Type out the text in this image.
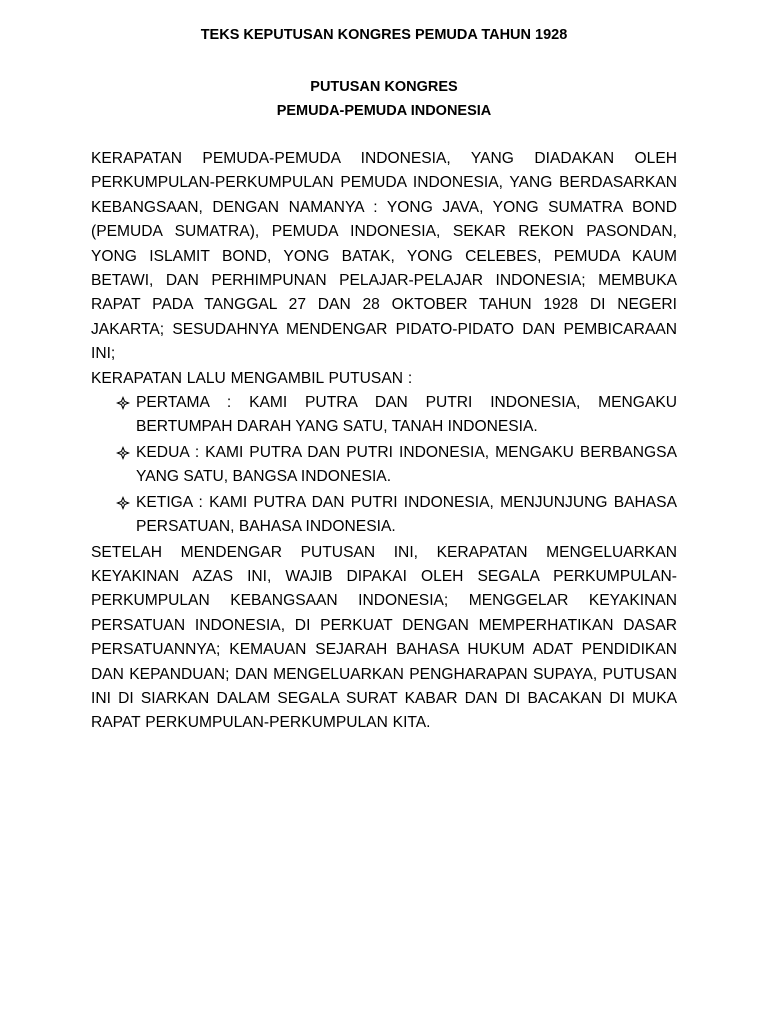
TEKS KEPUTUSAN KONGRES PEMUDA TAHUN 1928
PUTUSAN KONGRES
PEMUDA-PEMUDA INDONESIA

KERAPATAN PEMUDA-PEMUDA INDONESIA, YANG DIADAKAN OLEH PERKUMPULAN-PERKUMPULAN PEMUDA INDONESIA, YANG BERDASARKAN KEBANGSAAN, DENGAN NAMANYA : YONG JAVA, YONG SUMATRA BOND (PEMUDA SUMATRA), PEMUDA INDONESIA, SEKAR REKON PASONDAN, YONG ISLAMIT BOND, YONG BATAK, YONG CELEBES, PEMUDA KAUM BETAWI, DAN PERHIMPUNAN PELAJAR-PELAJAR INDONESIA; MEMBUKA RAPAT PADA TANGGAL 27 DAN 28 OKTOBER TAHUN 1928 DI NEGERI JAKARTA; SESUDAHNYA MENDENGAR PIDATO-PIDATO DAN PEMBICARAAN INI;

KERAPATAN LALU MENGAMBIL PUTUSAN :

PERTAMA : KAMI PUTRA DAN PUTRI INDONESIA, MENGAKU BERTUMPAH DARAH YANG SATU, TANAH INDONESIA.
KEDUA : KAMI PUTRA DAN PUTRI INDONESIA, MENGAKU BERBANGSA YANG SATU, BANGSA INDONESIA.
KETIGA : KAMI PUTRA DAN PUTRI INDONESIA, MENJUNJUNG BAHASA PERSATUAN, BAHASA INDONESIA.

SETELAH MENDENGAR PUTUSAN INI, KERAPATAN MENGELUARKAN KEYAKINAN AZAS INI, WAJIB DIPAKAI OLEH SEGALA PERKUMPULAN-PERKUMPULAN KEBANGSAAN INDONESIA; MENGGELAR KEYAKINAN PERSATUAN INDONESIA, DI PERKUAT DENGAN MEMPERHATIKAN DASAR PERSATUANNYA; KEMAUAN SEJARAH BAHASA HUKUM ADAT PENDIDIKAN DAN KEPANDUAN; DAN MENGELUARKAN PENGHARAPAN SUPAYA, PUTUSAN INI DI SIARKAN DALAM SEGALA SURAT KABAR DAN DI BACAKAN DI MUKA RAPAT PERKUMPULAN-PERKUMPULAN KITA.
